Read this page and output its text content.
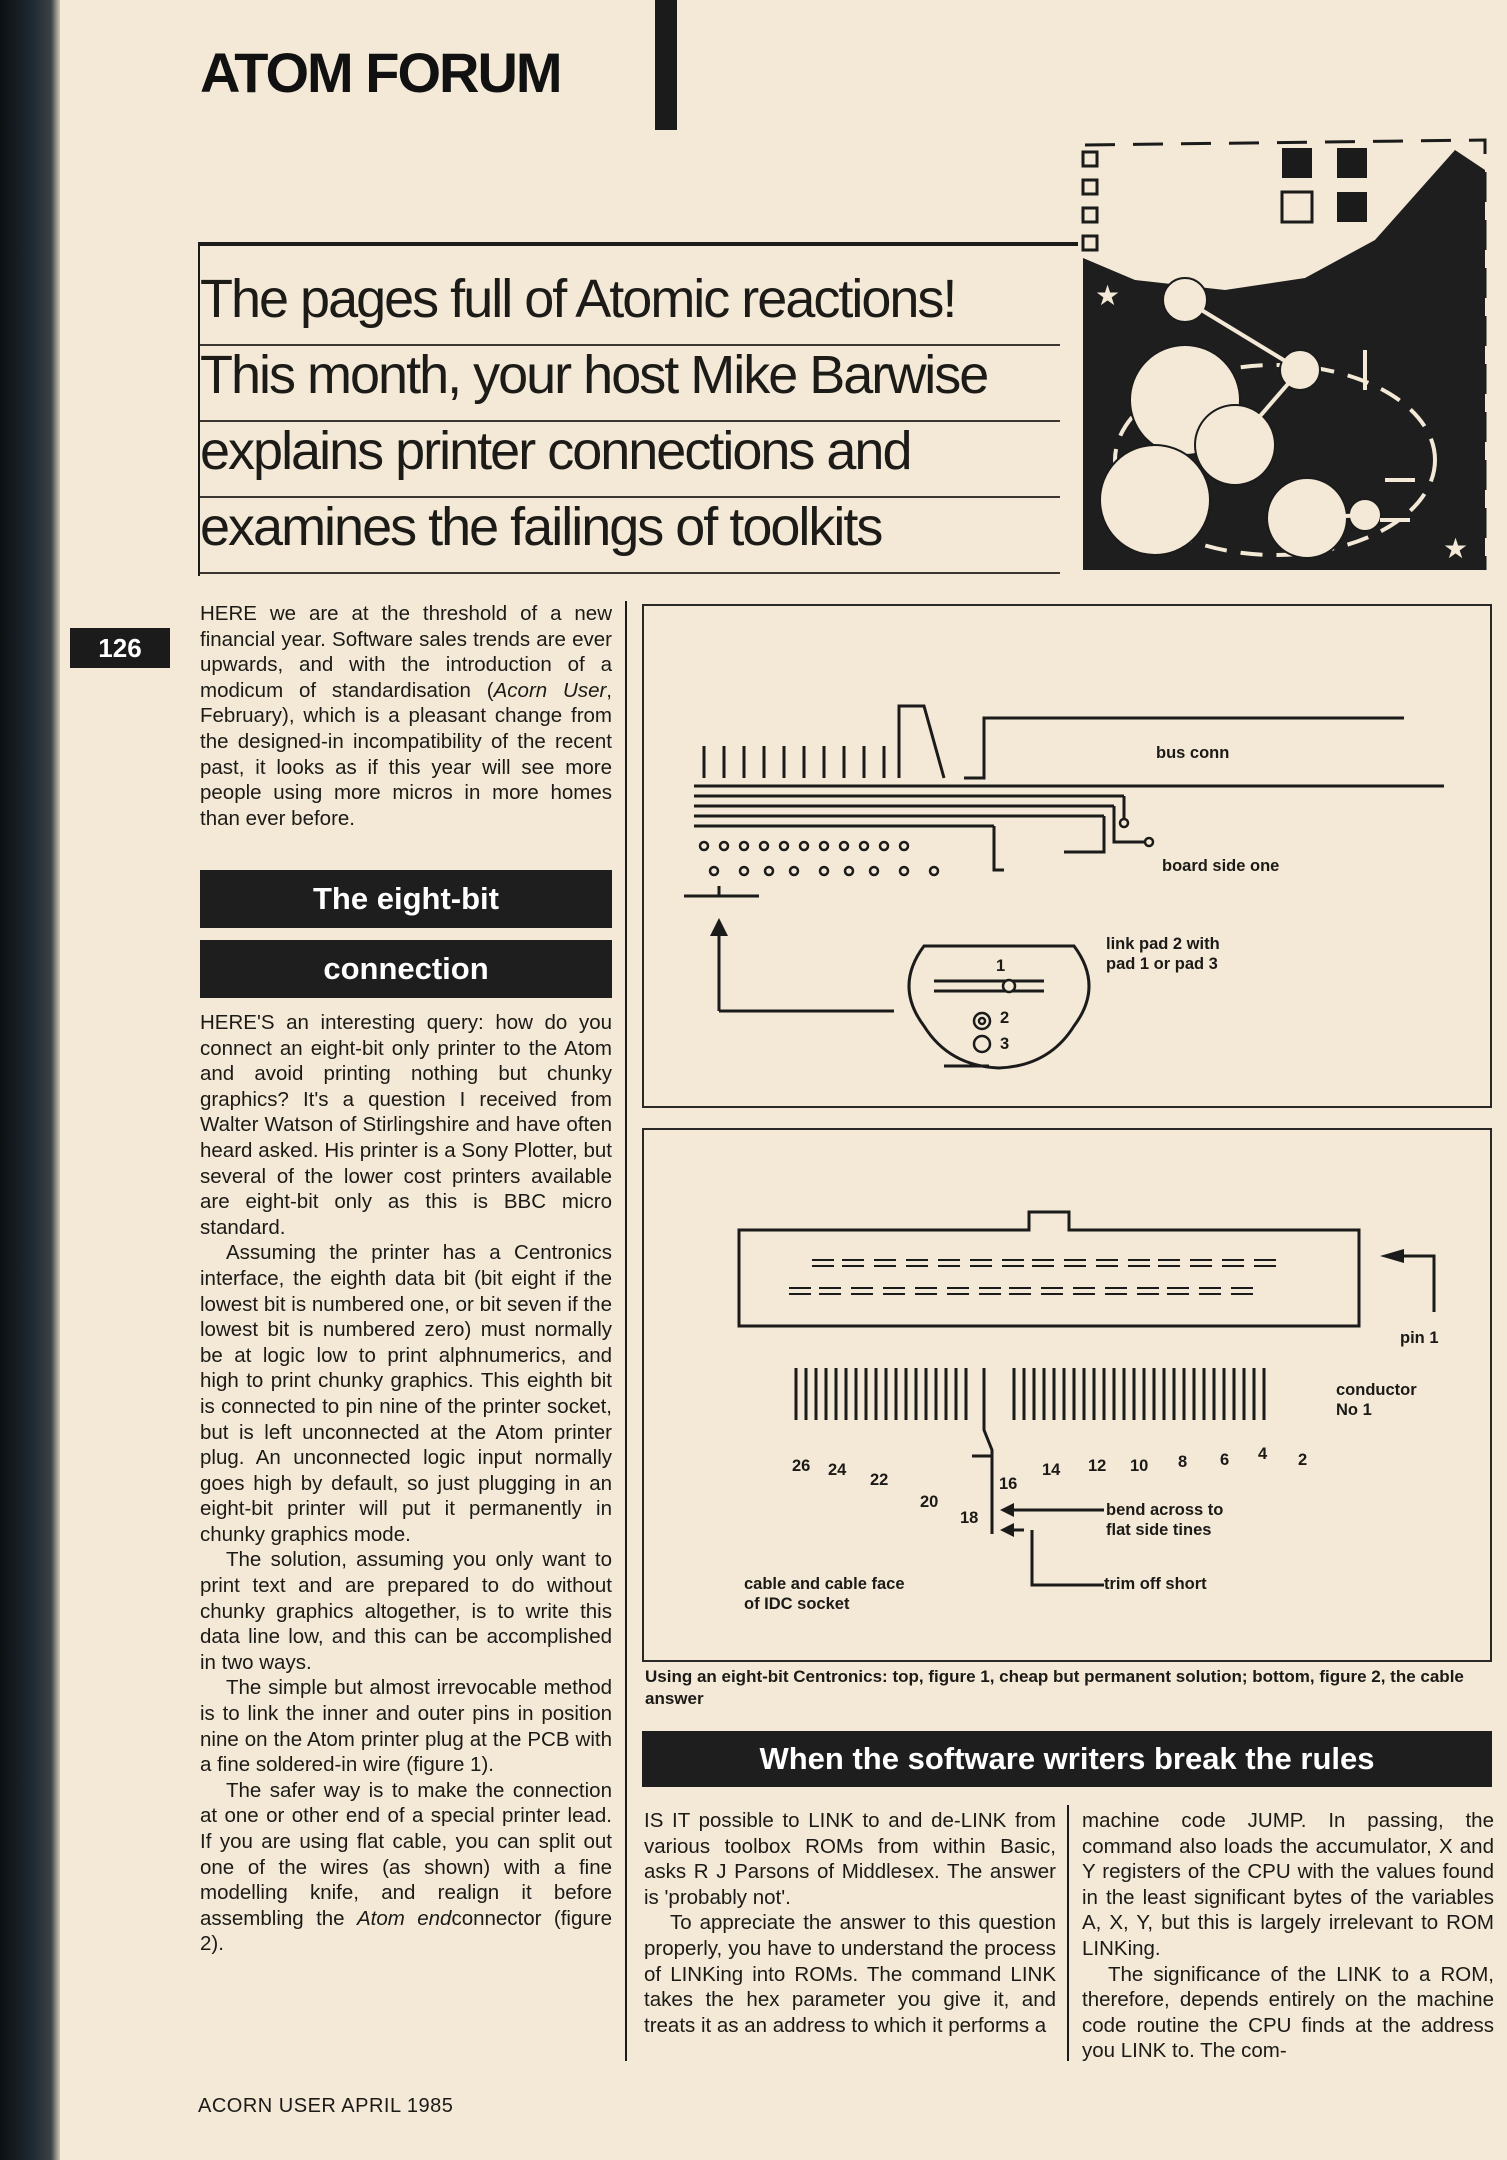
ATOM FORUM
★
★
The pages full of Atomic reactions!
This month, your host Mike Barwise
explains printer connections and
examines the failings of toolkits
126

HERE we are at the threshold of a new financial year. Software sales trends are ever upwards, and with the introduction of a modicum of standardisation (Acorn User, February), which is a pleasant change from the designed-in incompatibility of the recent past, it looks as if this year will see more people using more micros in more homes than ever before.

The eight-bit
connection

HERE'S an interesting query: how do you connect an eight-bit only printer to the Atom and avoid printing nothing but chunky graphics? It's a question I received from Walter Watson of Stirlingshire and have often heard asked. His printer is a Sony Plotter, but several of the lower cost printers available are eight-bit only as this is BBC micro standard.

Assuming the printer has a Centronics interface, the eighth data bit (bit eight if the lowest bit is numbered one, or bit seven if the lowest bit is numbered zero) must normally be at logic low to print alphnumerics, and high to print chunky graphics. This eighth bit is connected to pin nine of the printer socket, but is left unconnected at the Atom printer plug. An unconnected logic input normally goes high by default, so just plugging in an eight-bit printer will put it permanently in chunky graphics mode.

The solution, assuming you only want to print text and are prepared to do without chunky graphics altogether, is to write this data line low, and this can be accomplished in two ways.

The simple but almost irrevocable method is to link the inner and outer pins in position nine on the Atom printer plug at the PCB with a fine soldered-in wire (figure 1).

The safer way is to make the connection at one or other end of a special printer lead. If you are using flat cable, you can split out one of the wires (as shown) with a fine modelling knife, and realign it before assembling the Atom endconnector (figure 2).

bus conn
board side one
link pad 2 with
pad 1 or pad 3
1
2
3
pin 1
conductor
No 1
26 24
22
20
18
16
14 12 10 8 6 4 2
bend across to
flat side tines
trim off short
cable and cable face
of IDC socket
Using an eight-bit Centronics: top, figure 1, cheap but permanent solution; bottom, figure 2, the cable answer
When the software writers break the rules

IS IT possible to LINK to and de-LINK from various toolbox ROMs from within Basic, asks R J Parsons of Middlesex. The answer is 'probably not'.

To appreciate the answer to this question properly, you have to understand the process of LINKing into ROMs. The command LINK takes the hex parameter you give it, and treats it as an address to which it performs a

machine code JUMP. In passing, the command also loads the accumulator, X and Y registers of the CPU with the values found in the least significant bytes of the variables A, X, Y, but this is largely irrelevant to ROM LINKing.

The significance of the LINK to a ROM, therefore, depends entirely on the machine code routine the CPU finds at the address you LINK to. The com-

ACORN USER APRIL 1985
